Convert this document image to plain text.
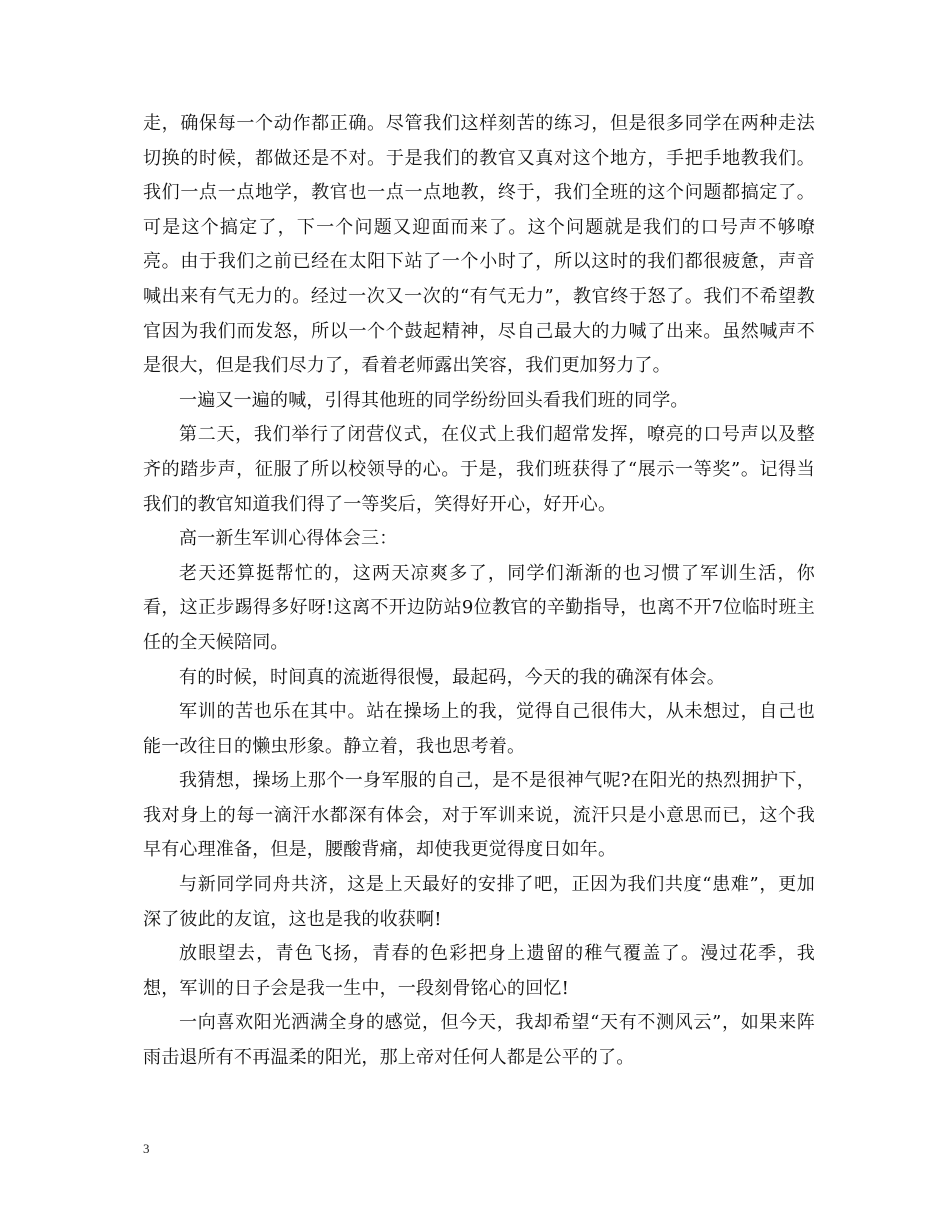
走，确保每一个动作都正确。尽管我们这样刻苦的练习，但是很多同学在两种走法切换的时候，都做还是不对。于是我们的教官又真对这个地方，手把手地教我们。我们一点一点地学，教官也一点一点地教，终于，我们全班的这个问题都搞定了。可是这个搞定了，下一个问题又迎面而来了。这个问题就是我们的口号声不够嘹亮。由于我们之前已经在太阳下站了一个小时了，所以这时的我们都很疲惫，声音喊出来有气无力的。经过一次又一次的“有气无力”，教官终于怒了。我们不希望教官因为我们而发怒，所以一个个鼓起精神，尽自己最大的力喊了出来。虽然喊声不是很大，但是我们尽力了，看着老师露出笑容，我们更加努力了。

一遍又一遍的喊，引得其他班的同学纷纷回头看我们班的同学。

第二天，我们举行了闭营仪式，在仪式上我们超常发挥，嘹亮的口号声以及整齐的踏步声，征服了所以校领导的心。于是，我们班获得了“展示一等奖”。记得当我们的教官知道我们得了一等奖后，笑得好开心，好开心。

高一新生军训心得体会三：

老天还算挺帮忙的，这两天凉爽多了，同学们渐渐的也习惯了军训生活，你看，这正步踢得多好呀!这离不开边防站9位教官的辛勤指导，也离不开7位临时班主任的全天候陪同。

有的时候，时间真的流逝得很慢，最起码，今天的我的确深有体会。

军训的苦也乐在其中。站在操场上的我，觉得自己很伟大，从未想过，自己也能一改往日的懒虫形象。静立着，我也思考着。

我猜想，操场上那个一身军服的自己，是不是很神气呢?在阳光的热烈拥护下，我对身上的每一滴汗水都深有体会，对于军训来说，流汗只是小意思而已，这个我早有心理准备，但是，腰酸背痛，却使我更觉得度日如年。

与新同学同舟共济，这是上天最好的安排了吧，正因为我们共度“患难”，更加深了彼此的友谊，这也是我的收获啊!

放眼望去，青色飞扬，青春的色彩把身上遗留的稚气覆盖了。漫过花季，我想，军训的日子会是我一生中，一段刻骨铭心的回忆!

一向喜欢阳光洒满全身的感觉，但今天，我却希望“天有不测风云”，如果来阵雨击退所有不再温柔的阳光，那上帝对任何人都是公平的了。

3
